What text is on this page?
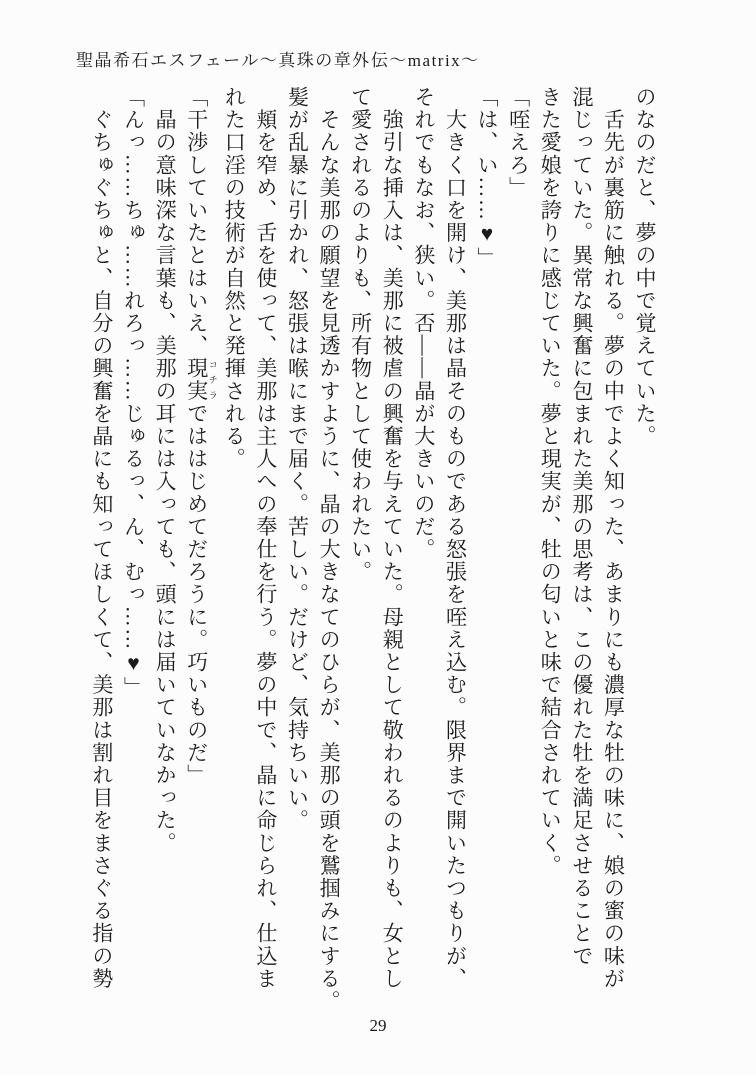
聖晶希石エスフェール～真珠の章外伝～matrix～

のなのだと、夢の中で覚えていた。

　舌先が裏筋に触れる。夢の中でよく知った、あまりにも濃厚な牡の味に、娘の蜜の味が

混じっていた。異常な興奮に包まれた美那の思考は、この優れた牡を満足させることで

きた愛娘を誇りに感じていた。夢と現実が、牡の匂いと味で結合されていく。

「咥えろ」

「は、い……♥」

　大きく口を開け、美那は晶そのものである怒張を咥え込む。限界まで開いたつもりが、

それでもなお、狭い。否——晶が大きいのだ。

　強引な挿入は、美那に被虐の興奮を与えていた。母親として敬われるのよりも、女とし

て愛されるのよりも、所有物として使われたい。

　そんな美那の願望を見透かすように、晶の大きなてのひらが、美那の頭を鷲掴みにする。

髪が乱暴に引かれ、怒張は喉にまで届く。苦しい。だけど、気持ちいい。

　頬を窄め、舌を使って、美那は主人への奉仕を行う。夢の中で、晶に命じられ、仕込ま

れた口淫の技術が自然と発揮される。

「干渉していたとはいえ、現実 コチラでははじめてだろうに。巧いものだ」

　晶の意味深な言葉も、美那の耳には入っても、頭には届いていなかった。

「んっ……ちゅ……れろっ……じゅるっ、ん、むっ……♥」

　ぐちゅぐちゅと、自分の興奮を晶にも知ってほしくて、美那は割れ目をまさぐる指の勢

29
